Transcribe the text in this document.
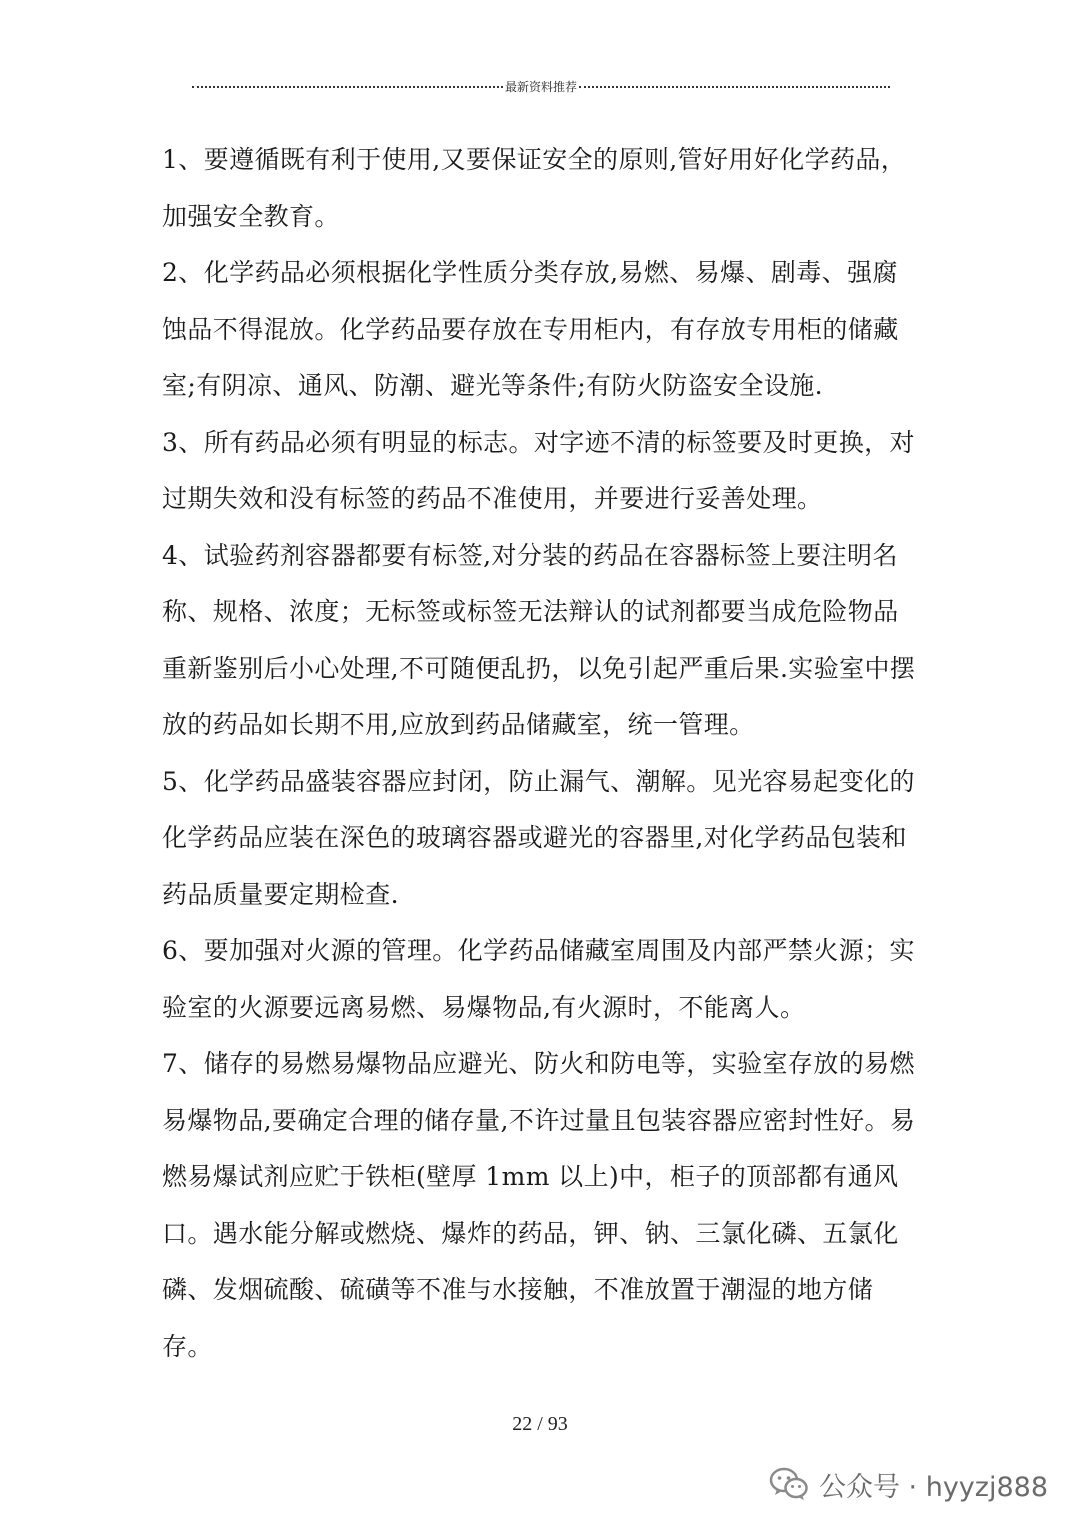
最新资料推荐

1、要遵循既有利于使用,又要保证安全的原则,管好用好化学药品，加强安全教育。

2、化学药品必须根据化学性质分类存放,易燃、易爆、剧毒、强腐蚀品不得混放。化学药品要存放在专用柜内，有存放专用柜的储藏室;有阴凉、通风、防潮、避光等条件;有防火防盗安全设施.

3、所有药品必须有明显的标志。对字迹不清的标签要及时更换，对过期失效和没有标签的药品不准使用，并要进行妥善处理。

4、试验药剂容器都要有标签,对分装的药品在容器标签上要注明名称、规格、浓度；无标签或标签无法辩认的试剂都要当成危险物品重新鉴别后小心处理,不可随便乱扔，以免引起严重后果.实验室中摆放的药品如长期不用,应放到药品储藏室，统一管理。

5、化学药品盛装容器应封闭，防止漏气、潮解。见光容易起变化的化学药品应装在深色的玻璃容器或避光的容器里,对化学药品包装和药品质量要定期检查.

6、要加强对火源的管理。化学药品储藏室周围及内部严禁火源；实验室的火源要远离易燃、易爆物品,有火源时，不能离人。

7、储存的易燃易爆物品应避光、防火和防电等，实验室存放的易燃易爆物品,要确定合理的储存量,不许过量且包装容器应密封性好。易燃易爆试剂应贮于铁柜(壁厚 1mm 以上)中，柜子的顶部都有通风口。遇水能分解或燃烧、爆炸的药品，钾、钠、三氯化磷、五氯化磷、发烟硫酸、硫磺等不准与水接触，不准放置于潮湿的地方储存。

22 / 93
公众号 · hyyzj888
